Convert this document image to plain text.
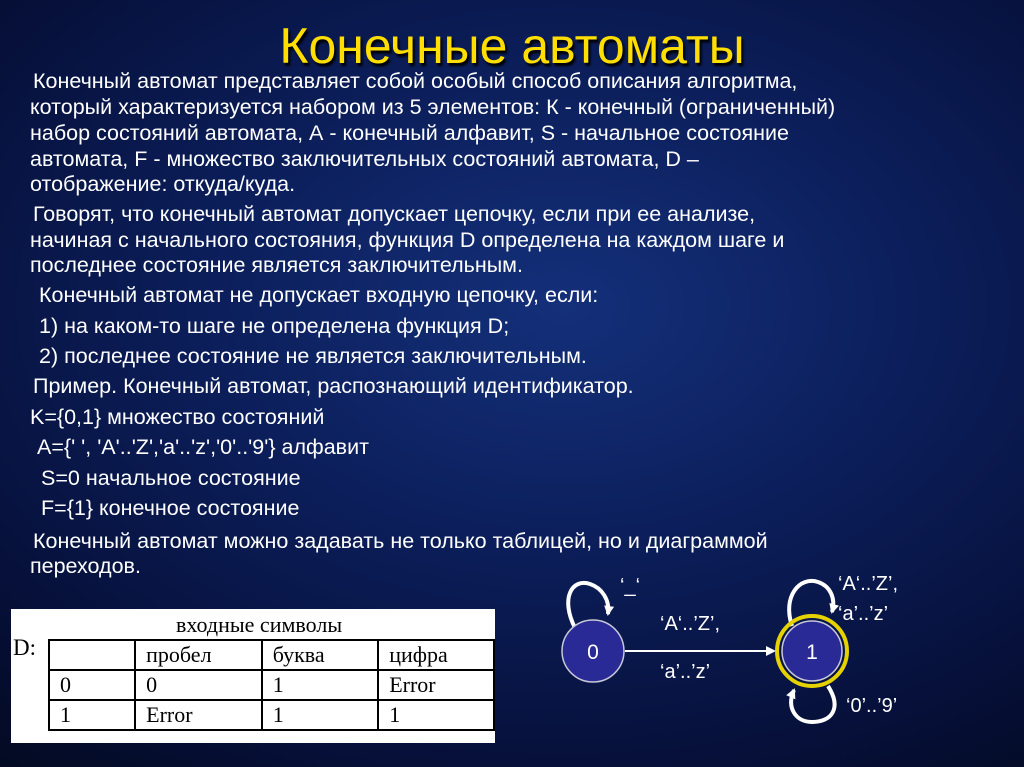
Конечные автоматы
Конечный автомат представляет собой особый способ описания алгоритма,
который характеризуется набором из 5 элементов: К - конечный (ограниченный)
набор состояний автомата, А - конечный алфавит, S - начальное состояние
автомата, F - множество заключительных состояний автомата, D –
отображение: откуда/куда.
Говорят, что конечный автомат допускает цепочку, если при ее анализе,
начиная с начального состояния, функция D определена на каждом шаге и
последнее состояние является заключительным.
Конечный автомат не допускает входную цепочку, если:
1) на каком-то шаге не определена функция D;
2) последнее состояние не является заключительным.
Пример. Конечный автомат, распознающий идентификатор.
K={0,1} множество состояний
A={' ', 'A'..'Z','a'..'z','0'..'9'} алфавит
S=0 начальное состояние
F={1} конечное состояние
Конечный автомат можно задавать не только таблицей, но и диаграммой
переходов.
D:
входные символы
	пробел	буква	цифра
0	0	1	Error
1	Error	1	1
‘_‘
‘A‘..’Z’,
‘a’..’z’
0
‘A‘..’Z’,
‘a’..’z’
‘0’..’9’
1
